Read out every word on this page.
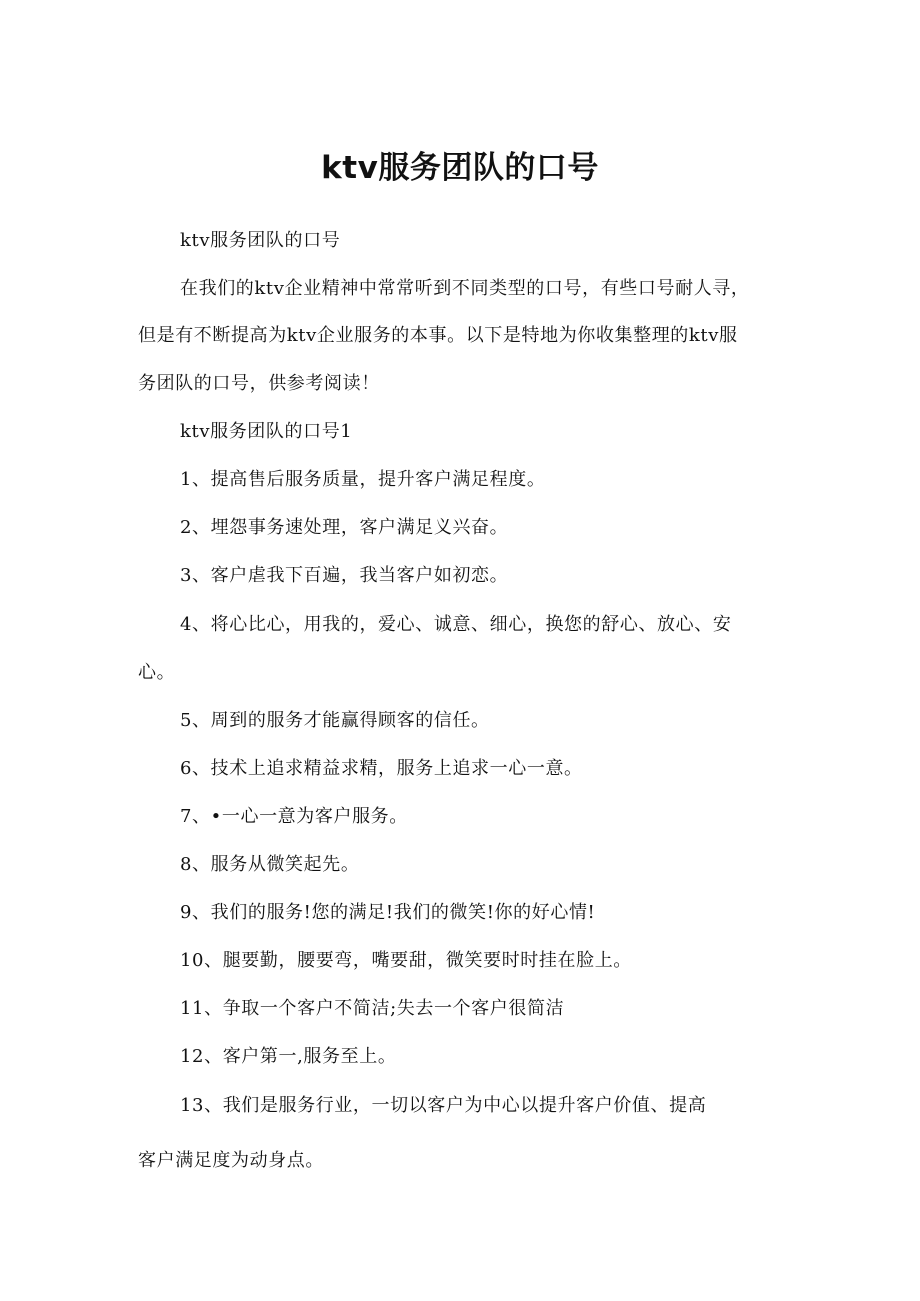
ktv服务团队的口号
ktv服务团队的口号
在我们的ktv企业精神中常常听到不同类型的口号，有些口号耐人寻，
但是有不断提高为ktv企业服务的本事。以下是特地为你收集整理的ktv服
务团队的口号，供参考阅读！
ktv服务团队的口号1
1、提高售后服务质量，提升客户满足程度。
2、埋怨事务速处理，客户满足义兴奋。
3、客户虐我下百遍，我当客户如初恋。
4、将心比心，用我的，爱心、诚意、细心，换您的舒心、放心、安
心。
5、周到的服务才能赢得顾客的信任。
6、技术上追求精益求精，服务上追求一心一意。
7、•一心一意为客户服务。
8、服务从微笑起先。
9、我们的服务!您的满足!我们的微笑!你的好心情!
10、腿要勤，腰要弯，嘴要甜，微笑要时时挂在脸上。
11、争取一个客户不简洁;失去一个客户很简洁
12、客户第一,服务至上。
13、我们是服务行业，一切以客户为中心以提升客户价值、提高
客户满足度为动身点。
